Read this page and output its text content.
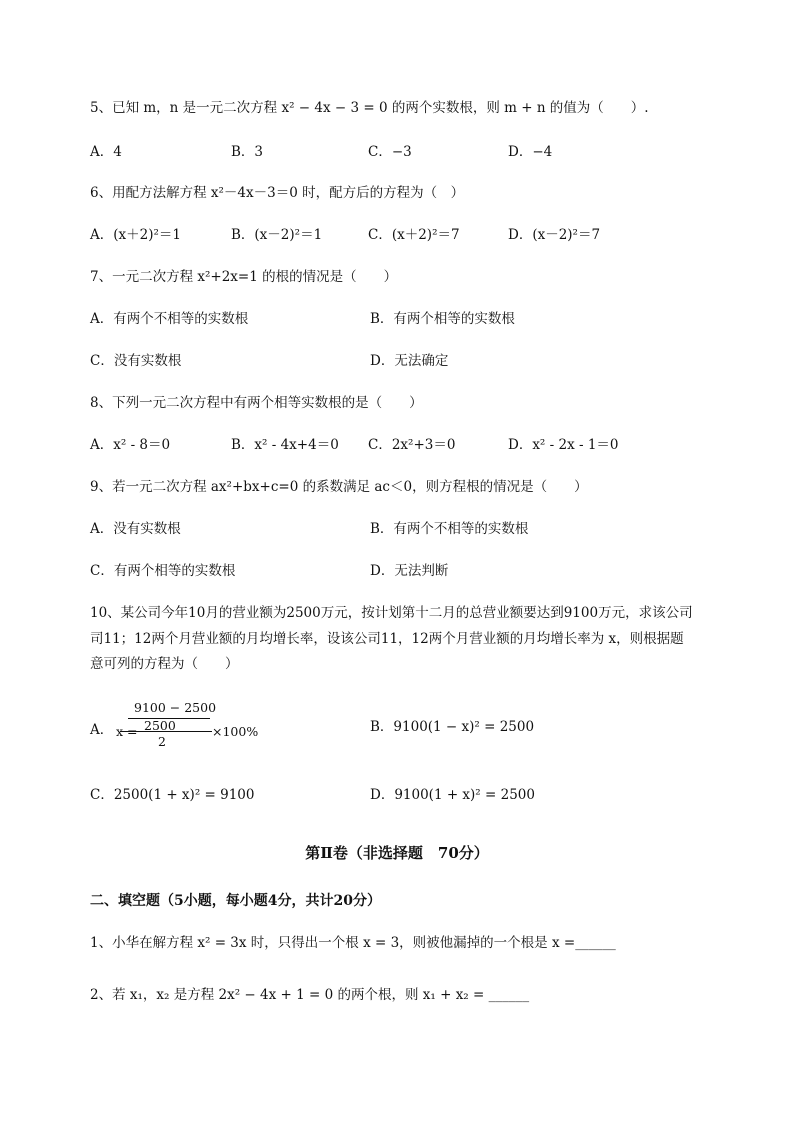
5、已知 m，n 是一元二次方程 x² − 4x − 3 = 0 的两个实数根，则 m + n 的值为（　　）.
A．4	B．3	C．−3	D．−4
6、用配方法解方程 x²－4x－3＝0 时，配方后的方程为（　）
A．(x＋2)²＝1	B．(x－2)²＝1	C．(x＋2)²＝7	D．(x－2)²＝7
7、一元二次方程 x²+2x=1 的根的情况是（　　）
A．有两个不相等的实数根	B．有两个相等的实数根
C．没有实数根	D．无法确定
8、下列一元二次方程中有两个相等实数根的是（　　）
A．x² - 8＝0	B．x² - 4x+4＝0 C．2x²+3＝0	D．x² - 2x - 1＝0
9、若一元二次方程 ax²+bx+c=0 的系数满足 ac＜0，则方程根的情况是（　　）
A．没有实数根	B．有两个不相等的实数根
C．有两个相等的实数根	D．无法判断
10、某公司今年10月的营业额为2500万元，按计划第十二月的总营业额要达到9100万元，求该公司
司11；12两个月营业额的月均增长率，设该公司11，12两个月营业额的月均增长率为 x，则根据题
意可列的方程为（　　）
A．
9100 − 2500
2500
x =
2
×100%	B．9100(1 − x)² = 2500
C．2500(1 + x)² = 9100	D．9100(1 + x)² = 2500
第Ⅱ卷（非选择题　70分）
二、填空题（5小题，每小题4分，共计20分）
1、小华在解方程 x² = 3x 时，只得出一个根 x = 3，则被他漏掉的一个根是 x =______
2、若 x₁，x₂ 是方程 2x² − 4x + 1 = 0 的两个根，则 x₁ + x₂ = ______
